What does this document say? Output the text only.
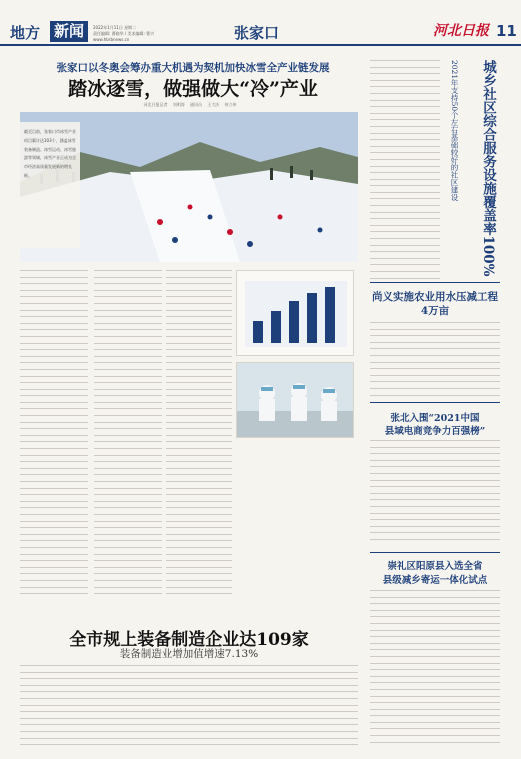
地方 新闻	2022年1月11日 星期二
责任编辑: 曹晓华 / 美术编辑: 曹兴
www.hbrbnews.cn	张家口	河北日报 11
张家口以冬奥会筹办重大机遇为契机加快冰雪全产业链发展
踏冰逐雪，做强做大“冷”产业
河北日报记者 刘明涛 通讯员 王大庆 何立伟
截至目前，张家口市冰雪产业项目累计达103个，涵盖冰雪装备制造、冰雪运动、冰雪旅游等领域，冰雪产业正成为全市经济高质量发展新的增长极。	城乡社区综合服务设施覆盖率100%
2021年支持50个左右基础较好的社区建设
尚义实施农业用水压减工程4万亩
张北入围“2021中国
县域电商竞争力百强榜”
崇礼区阳原县入选全省
县级减乡寄运一体化试点
全市规上装备制造企业达109家
装备制造业增加值增速7.13%
